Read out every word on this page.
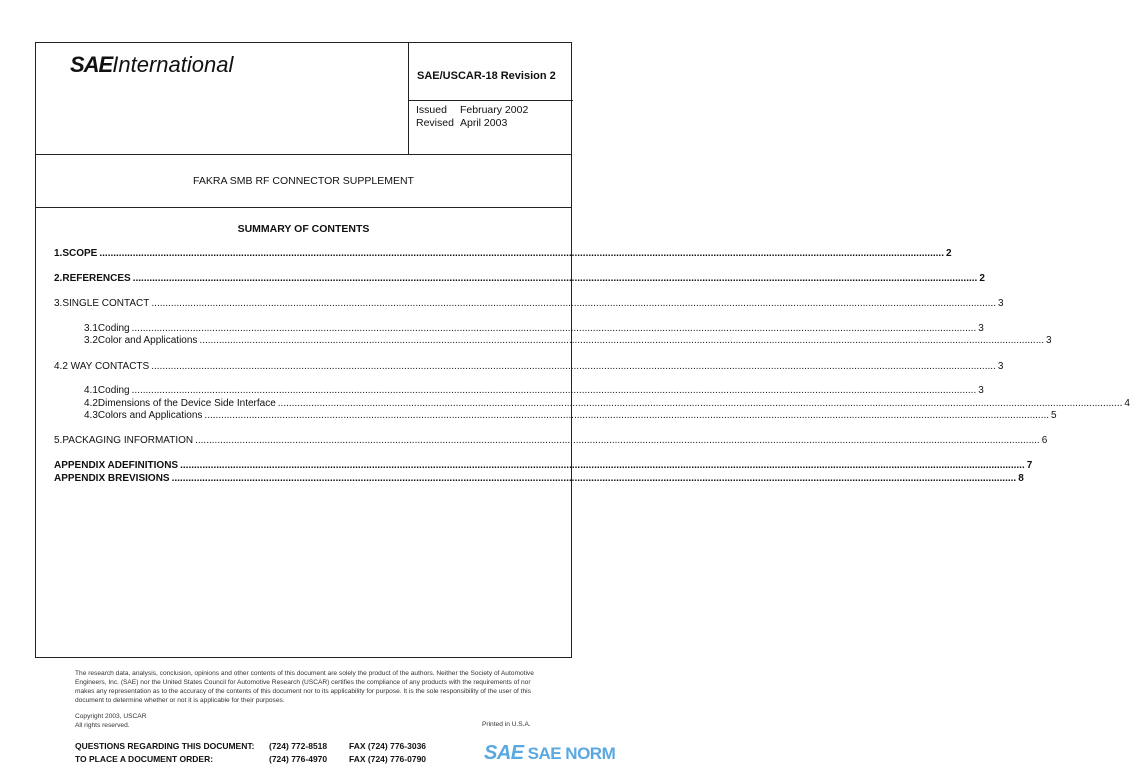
SAEInternational	SAE/USCAR-18 Revision 2
Issued February 2002
Revised April 2003
FAKRA SMB RF CONNECTOR SUPPLEMENT
SUMMARY OF CONTENTS
1. SCOPE .....	2
2. REFERENCES .....	2
3. SINGLE CONTACT .....	3
3.1 Coding .....	3
3.2 Color and Applications .....	3
4. 2 WAY CONTACTS .....	3
4.1 Coding .....	3
4.2 Dimensions of the Device Side Interface .....	4
4.3 Colors and Applications .....	5
5. PACKAGING INFORMATION .....	6
APPENDIX A DEFINITIONS .....	7
APPENDIX B REVISIONS .....	8
The research data, analysis, conclusion, opinions and other contents of this document are solely the product of the authors. Neither the Society of Automotive Engineers, Inc. (SAE) nor the United States Council for Automotive Research (USCAR) certifies the compliance of any products with the requirements of nor makes any representation as to the accuracy of the contents of this document nor to its applicability for purpose. It is the sole responsibility of the user of this document to determine whether or not it is applicable for their purposes.
Copyright 2003, USCAR
All rights reserved.	Printed in U.S.A.
QUESTIONS REGARDING THIS DOCUMENT: (724) 772-8518	FAX (724) 776-3036
TO PLACE A DOCUMENT ORDER:	(724) 776-4970	FAX (724) 776-0790	SAE SAE NORM
